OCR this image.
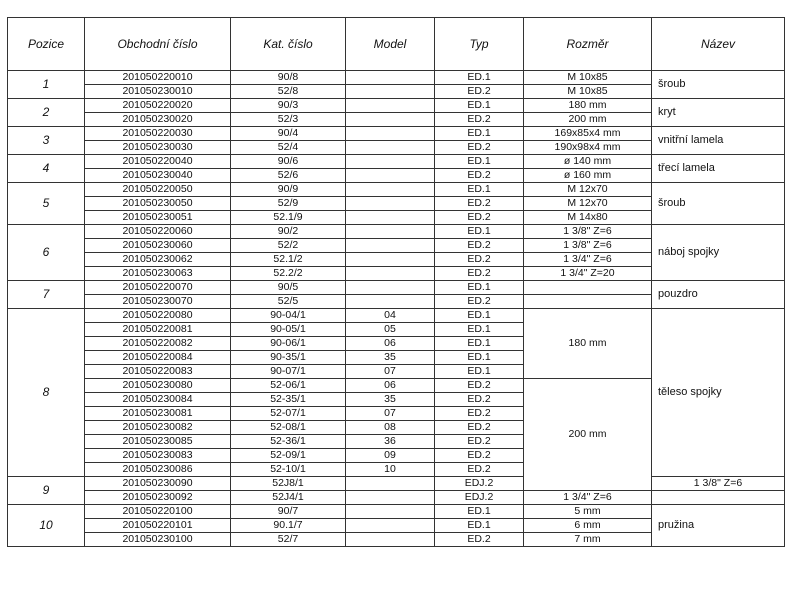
Pozice	Obchodní číslo	Kat. číslo	Model	Typ	Rozměr	Název	
1	201050220010	90/8		ED.1	M 10x85	šroub	
	201050230010	52/8		ED.2	M 10x85		
2	201050220020	90/3		ED.1	180 mm	kryt	
	201050230020	52/3		ED.2	200 mm		
3	201050220030	90/4		ED.1	169x85x4 mm	vnitřní lamela	
	201050230030	52/4		ED.2	190x98x4 mm		
4	201050220040	90/6		ED.1	ø 140 mm	třecí lamela	
	201050230040	52/6		ED.2	ø 160 mm		
5	201050220050	90/9		ED.1	M 12x70	šroub	
	201050230050	52/9		ED.2	M 12x70		
	201050230051	52.1/9		ED.2	M 14x80		
6	201050220060	90/2		ED.1	1 3/8" Z=6	náboj spojky	
	201050230060	52/2		ED.2	1 3/8" Z=6		
	201050230062	52.1/2		ED.2	1 3/4" Z=6		
	201050230063	52.2/2		ED.2	1 3/4" Z=20		
7	201050220070	90/5		ED.1		pouzdro	
	201050230070	52/5		ED.2			
8	201050220080	90-04/1	04	ED.1	180 mm	těleso spojky	
	201050220081	90-05/1	05	ED.1			
	201050220082	90-06/1	06	ED.1			
	201050220084	90-35/1	35	ED.1			
	201050220083	90-07/1	07	ED.1			
	201050230080	52-06/1	06	ED.2	200 mm		
	201050230084	52-35/1	35	ED.2			
	201050230081	52-07/1	07	ED.2			
	201050230082	52-08/1	08	ED.2			
	201050230085	52-36/1	36	ED.2			
	201050230083	52-09/1	09	ED.2			
	201050230086	52-10/1	10	ED.2			
9	201050230090	52J8/1		EDJ.2		1 3/8" Z=6	
	201050230092	52J4/1		EDJ.2	1 3/4" Z=6		
10	201050220100	90/7		ED.1	5 mm	pružina	
	201050220101	90.1/7		ED.1	6 mm		
	201050230100	52/7		ED.2	7 mm		
